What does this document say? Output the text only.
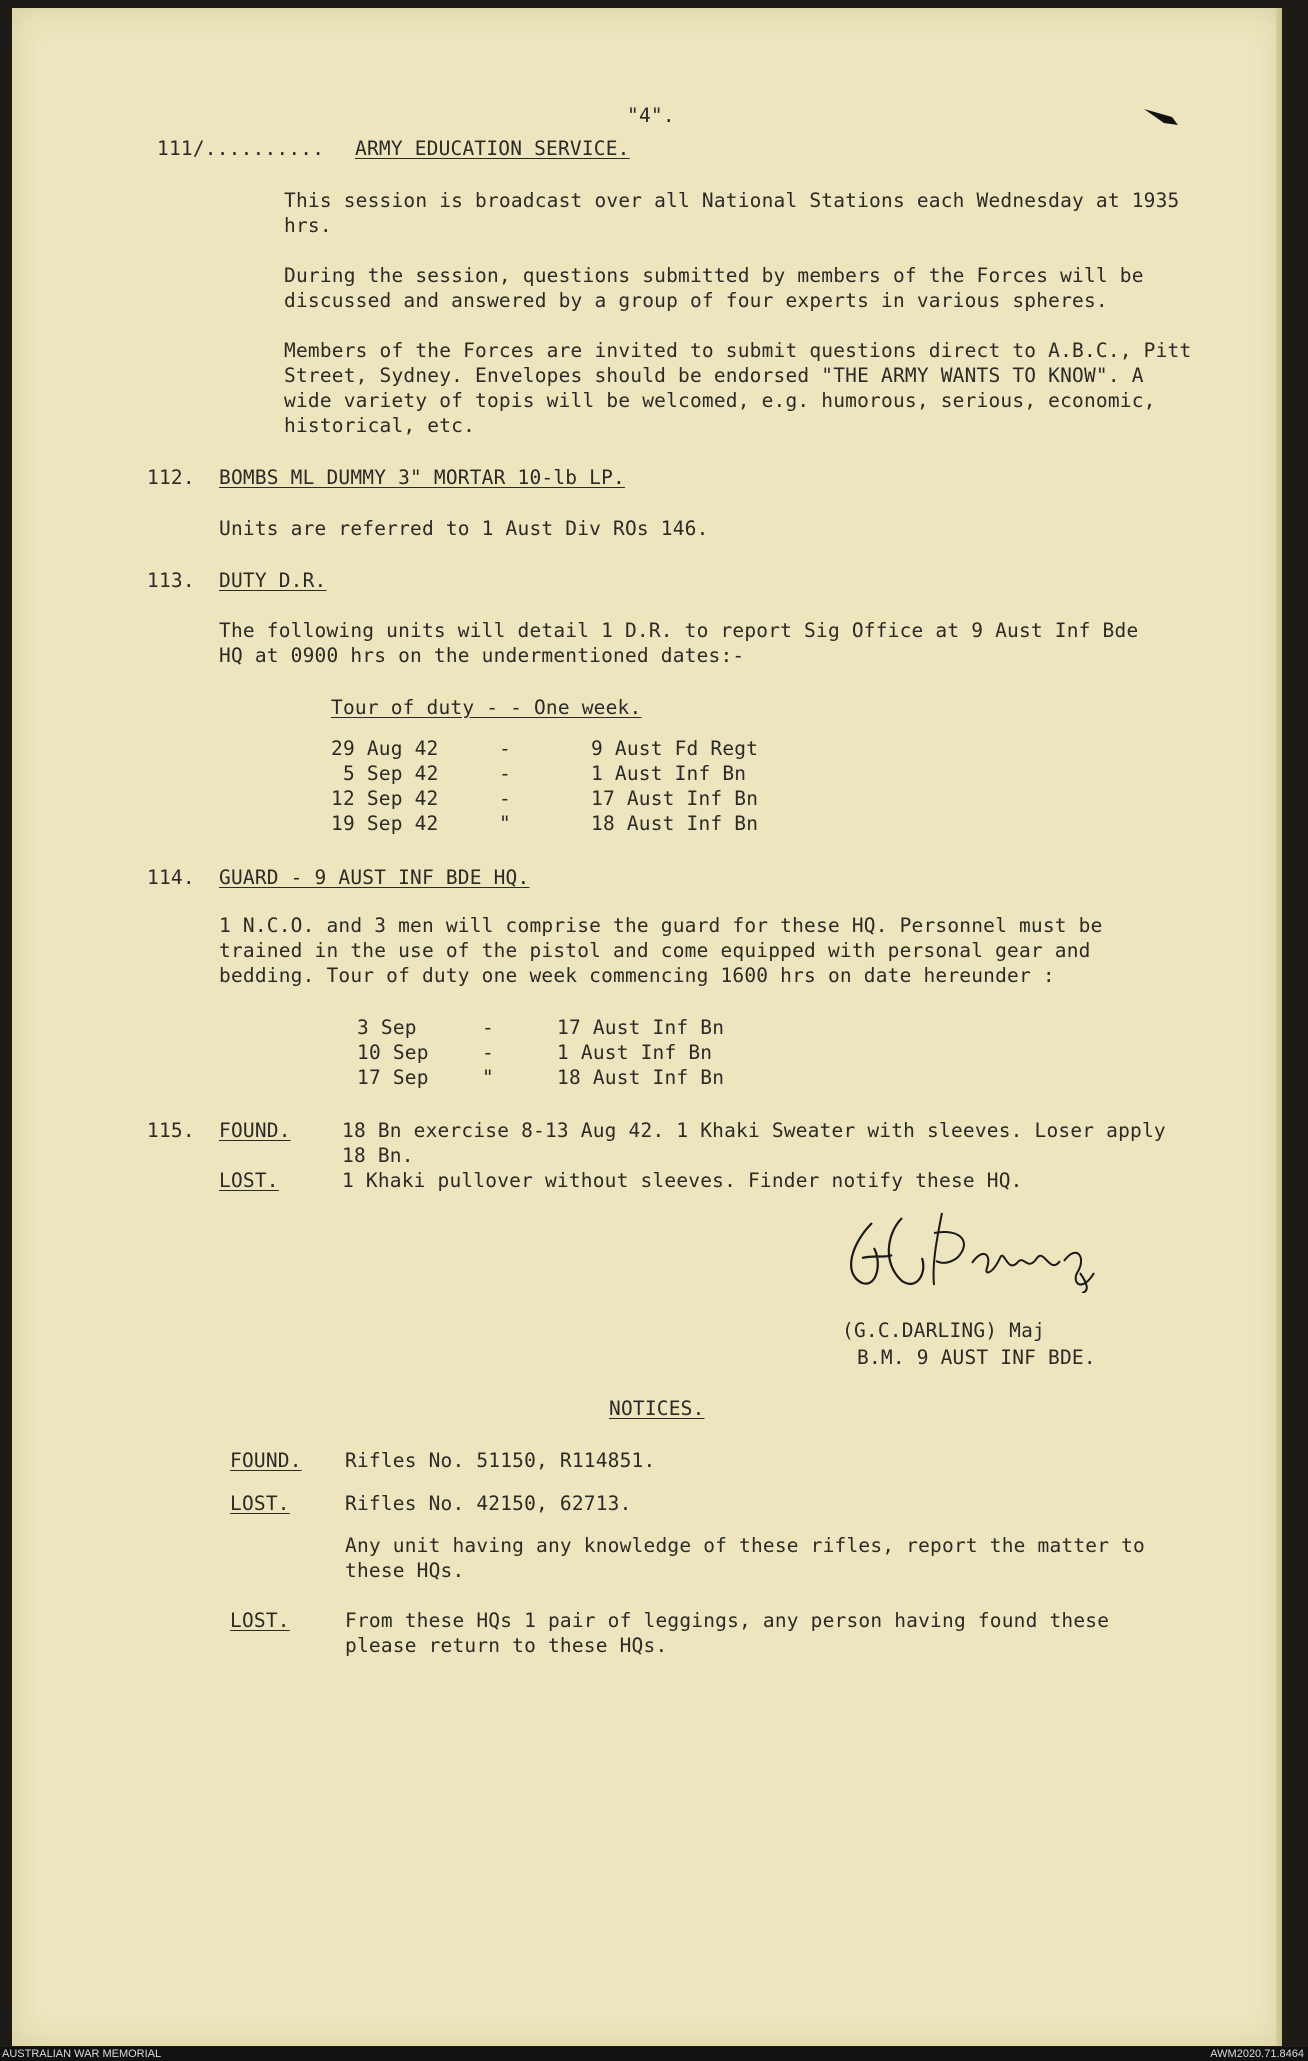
"4".
111/.......... ARMY EDUCATION SERVICE.

This session is broadcast over all National Stations each Wednesday at 1935 hrs.

During the session, questions submitted by members of the Forces will be discussed and answered by a group of four experts in various spheres.

Members of the Forces are invited to submit questions direct to A.B.C., Pitt Street, Sydney. Envelopes should be endorsed "THE ARMY WANTS TO KNOW". A wide variety of topis will be welcomed, e.g. humorous, serious, economic, historical, etc.

112. BOMBS ML DUMMY 3" MORTAR 10-lb LP.
Units are referred to 1 Aust Div ROs 146.
113. DUTY D.R.
The following units will detail 1 D.R. to report Sig Office at 9 Aust Inf Bde HQ at 0900 hrs on the undermentioned dates:-
Tour of duty - - One week.
29 Aug 42	-	9 Aust Fd Regt
5 Sep 42	-	1 Aust Inf Bn
12 Sep 42	-	17 Aust Inf Bn
19 Sep 42	"	18 Aust Inf Bn
114. GUARD - 9 AUST INF BDE HQ.
1 N.C.O. and 3 men will comprise the guard for these HQ. Personnel must be trained in the use of the pistol and come equipped with personal gear and bedding. Tour of duty one week commencing 1600 hrs on date hereunder :
3 Sep	-	17 Aust Inf Bn
10 Sep	-	1 Aust Inf Bn
17 Sep	"	18 Aust Inf Bn
115. FOUND.	18 Bn exercise 8-13 Aug 42. 1 Khaki Sweater with sleeves. Loser apply 18 Bn.
LOST.	1 Khaki pullover without sleeves. Finder notify these HQ.
(G.C.DARLING) Maj
B.M. 9 AUST INF BDE.
NOTICES.
FOUND. Rifles No. 51150, R114851.
LOST.	Rifles No. 42150, 62713.
Any unit having any knowledge of these rifles, report the matter to these HQs.
LOST.	From these HQs 1 pair of leggings, any person having found these please return to these HQs.
AUSTRALIAN WAR MEMORIAL	AWM2020.71.8464
